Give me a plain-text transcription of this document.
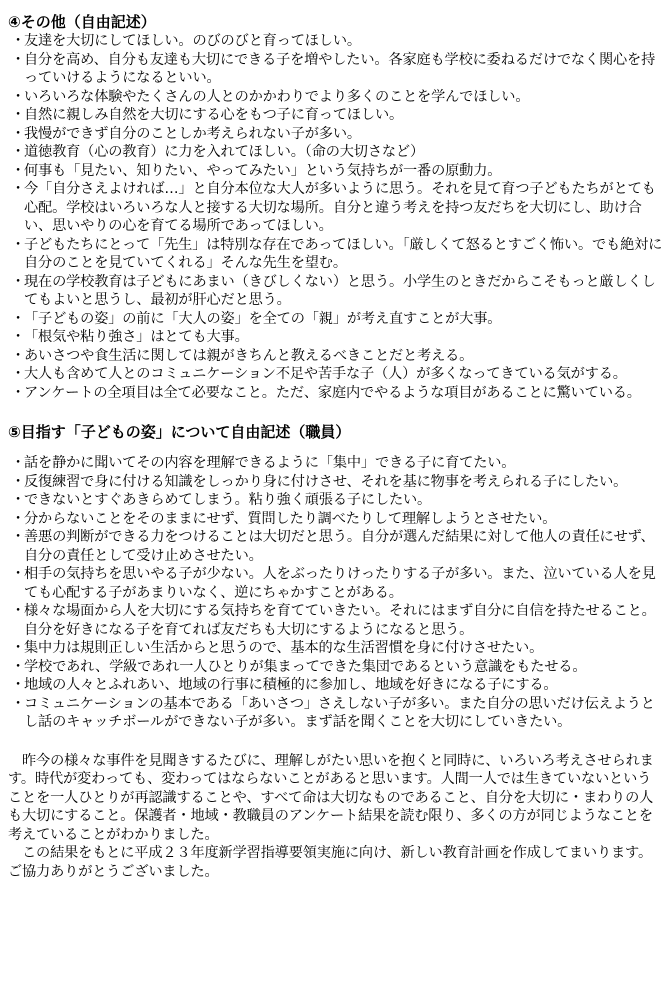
④その他（自由記述）
・
友達を大切にしてほしい。のびのびと育ってほしい。
・
自分を高め、自分も友達も大切にできる子を増やしたい。各家庭も学校に委ねるだけでなく関心を持っていけるようになるといい。
・
いろいろな体験やたくさんの人とのかかわりでより多くのことを学んでほしい。
・
自然に親しみ自然を大切にする心をもつ子に育ってほしい。
・
我慢ができず自分のことしか考えられない子が多い。
・
道徳教育（心の教育）に力を入れてほしい。（命の大切さなど）
・
何事も「見たい、知りたい、やってみたい」という気持ちが一番の原動力。
・
今「自分さえよければ…」と自分本位な大人が多いように思う。それを見て育つ子どもたちがとても心配。学校はいろいろな人と接する大切な場所。自分と違う考えを持つ友だちを大切にし、助け合い、思いやりの心を育てる場所であってほしい。
・
子どもたちにとって「先生」は特別な存在であってほしい。「厳しくて怒るとすごく怖い。でも絶対に自分のことを見ていてくれる」そんな先生を望む。
・
現在の学校教育は子どもにあまい（きびしくない）と思う。小学生のときだからこそもっと厳しくしてもよいと思うし、最初が肝心だと思う。
・
「子どもの姿」の前に「大人の姿」を全ての「親」が考え直すことが大事。
・
「根気や粘り強さ」はとても大事。
・
あいさつや食生活に関しては親がきちんと教えるべきことだと考える。
・
大人も含めて人とのコミュニケーション不足や苦手な子（人）が多くなってきている気がする。
・
アンケートの全項目は全て必要なこと。ただ、家庭内でやるような項目があることに驚いている。
⑤目指す「子どもの姿」について自由記述（職員）
・
話を静かに聞いてその内容を理解できるように「集中」できる子に育てたい。
・
反復練習で身に付ける知識をしっかり身に付けさせ、それを基に物事を考えられる子にしたい。
・
できないとすぐあきらめてしまう。粘り強く頑張る子にしたい。
・
分からないことをそのままにせず、質問したり調べたりして理解しようとさせたい。
・
善悪の判断ができる力をつけることは大切だと思う。自分が選んだ結果に対して他人の責任にせず、自分の責任として受け止めさせたい。
・
相手の気持ちを思いやる子が少ない。人をぶったりけったりする子が多い。また、泣いている人を見ても心配する子があまりいなく、逆にちゃかすことがある。
・
様々な場面から人を大切にする気持ちを育てていきたい。それにはまず自分に自信を持たせること。自分を好きになる子を育てれば友だちも大切にするようになると思う。
・
集中力は規則正しい生活からと思うので、基本的な生活習慣を身に付けさせたい。
・
学校であれ、学級であれ一人ひとりが集まってできた集団であるという意識をもたせる。
・
地域の人々とふれあい、地域の行事に積極的に参加し、地域を好きになる子にする。
・
コミュニケーションの基本である「あいさつ」さえしない子が多い。また自分の思いだけ伝えようとし話のキャッチボールができない子が多い。まず話を聞くことを大切にしていきたい。

昨今の様々な事件を見聞きするたびに、理解しがたい思いを抱くと同時に、いろいろ考えさせられます。時代が変わっても、変わってはならないことがあると思います。人間一人では生きていないということを一人ひとりが再認識することや、すべて命は大切なものであること、自分を大切に・まわりの人も大切にすること。保護者・地域・教職員のアンケート結果を読む限り、多くの方が同じようなことを考えていることがわかりました。

この結果をもとに平成２３年度新学習指導要領実施に向け、新しい教育計画を作成してまいります。ご協力ありがとうございました。
